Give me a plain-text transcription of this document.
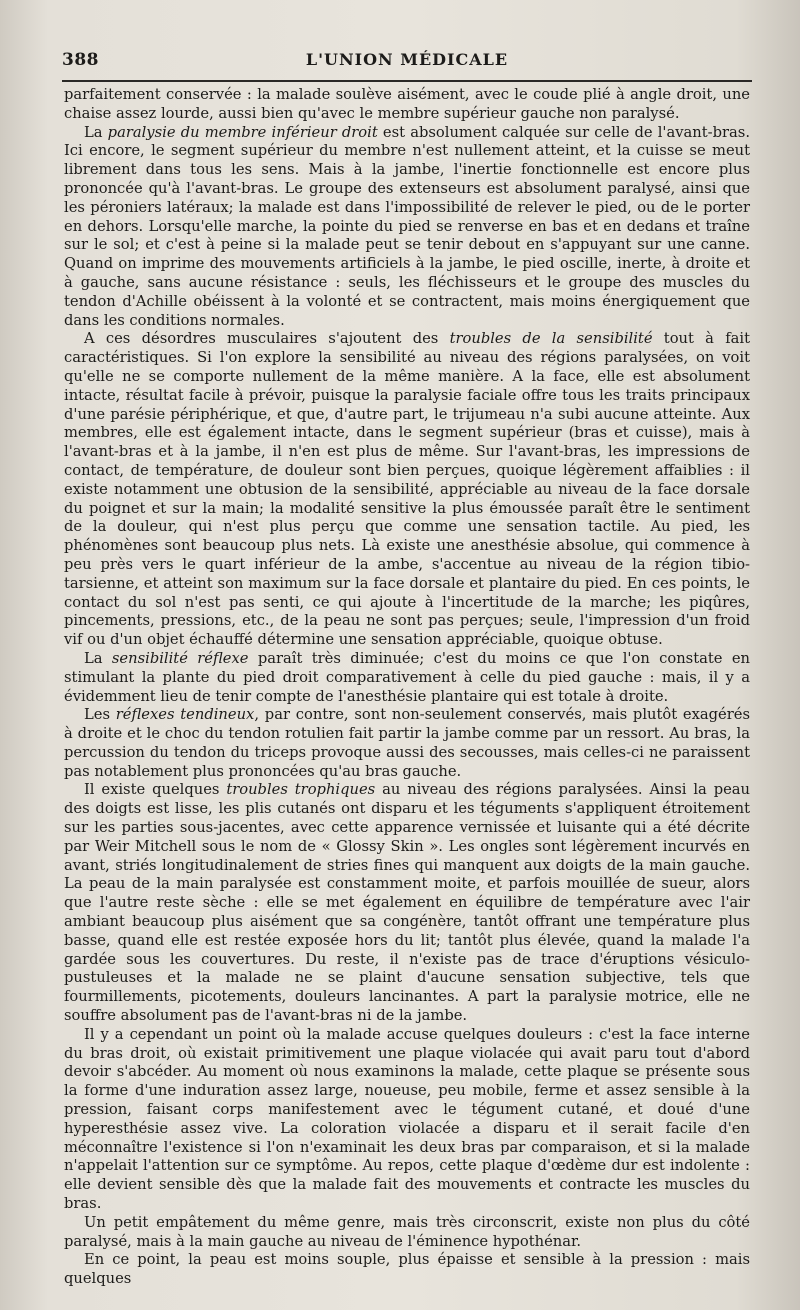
388	L'UNION MÉDICALE

parfaitement conservée : la malade soulève aisément, avec le coude plié à angle droit, une chaise assez lourde, aussi bien qu'avec le membre supérieur gauche non paralysé.

La paralysie du membre inférieur droit est absolument calquée sur celle de l'avant-bras. Ici encore, le segment supérieur du membre n'est nullement atteint, et la cuisse se meut librement dans tous les sens. Mais à la jambe, l'inertie fonctionnelle est encore plus prononcée qu'à l'avant-bras. Le groupe des extenseurs est absolument paralysé, ainsi que les péroniers latéraux; la malade est dans l'impossibilité de relever le pied, ou de le porter en dehors. Lorsqu'elle marche, la pointe du pied se renverse en bas et en dedans et traîne sur le sol; et c'est à peine si la malade peut se tenir debout en s'appuyant sur une canne. Quand on imprime des mouvements artificiels à la jambe, le pied oscille, inerte, à droite et à gauche, sans aucune résistance : seuls, les fléchisseurs et le groupe des muscles du tendon d'Achille obéissent à la volonté et se contractent, mais moins énergiquement que dans les conditions normales.

A ces désordres musculaires s'ajoutent des troubles de la sensibilité tout à fait caractéristiques. Si l'on explore la sensibilité au niveau des régions paralysées, on voit qu'elle ne se comporte nullement de la même manière. A la face, elle est absolument intacte, résultat facile à prévoir, puisque la paralysie faciale offre tous les traits principaux d'une parésie périphérique, et que, d'autre part, le trijumeau n'a subi aucune atteinte. Aux membres, elle est également intacte, dans le segment supérieur (bras et cuisse), mais à l'avant-bras et à la jambe, il n'en est plus de même. Sur l'avant-bras, les impressions de contact, de température, de douleur sont bien perçues, quoique légèrement affaiblies : il existe notamment une obtusion de la sensibilité, appréciable au niveau de la face dorsale du poignet et sur la main; la modalité sensitive la plus émoussée paraît être le sentiment de la douleur, qui n'est plus perçu que comme une sensation tactile. Au pied, les phénomènes sont beaucoup plus nets. Là existe une anesthésie absolue, qui commence à peu près vers le quart inférieur de la ambe, s'accentue au niveau de la région tibio-tarsienne, et atteint son maximum sur la face dorsale et plantaire du pied. En ces points, le contact du sol n'est pas senti, ce qui ajoute à l'incertitude de la marche; les piqûres, pincements, pressions, etc., de la peau ne sont pas perçues; seule, l'impression d'un froid vif ou d'un objet échauffé détermine une sensation appréciable, quoique obtuse.

La sensibilité réflexe paraît très diminuée; c'est du moins ce que l'on constate en stimulant la plante du pied droit comparativement à celle du pied gauche : mais, il y a évidemment lieu de tenir compte de l'anesthésie plantaire qui est totale à droite.

Les réflexes tendineux, par contre, sont non-seulement conservés, mais plutôt exagérés à droite et le choc du tendon rotulien fait partir la jambe comme par un ressort. Au bras, la percussion du tendon du triceps provoque aussi des secousses, mais celles-ci ne paraissent pas notablement plus prononcées qu'au bras gauche.

Il existe quelques troubles trophiques au niveau des régions paralysées. Ainsi la peau des doigts est lisse, les plis cutanés ont disparu et les téguments s'appliquent étroitement sur les parties sous-jacentes, avec cette apparence vernissée et luisante qui a été décrite par Weir Mitchell sous le nom de « Glossy Skin ». Les ongles sont légèrement incurvés en avant, striés longitudinalement de stries fines qui manquent aux doigts de la main gauche. La peau de la main paralysée est constamment moite, et parfois mouillée de sueur, alors que l'autre reste sèche : elle se met également en équilibre de température avec l'air ambiant beaucoup plus aisément que sa congénère, tantôt offrant une température plus basse, quand elle est restée exposée hors du lit; tantôt plus élevée, quand la malade l'a gardée sous les couvertures. Du reste, il n'existe pas de trace d'éruptions vésiculo-pustuleuses et la malade ne se plaint d'aucune sensation subjective, tels que fourmillements, picotements, douleurs lancinantes. A part la paralysie motrice, elle ne souffre absolument pas de l'avant-bras ni de la jambe.

Il y a cependant un point où la malade accuse quelques douleurs : c'est la face interne du bras droit, où existait primitivement une plaque violacée qui avait paru tout d'abord devoir s'abcéder. Au moment où nous examinons la malade, cette plaque se présente sous la forme d'une induration assez large, noueuse, peu mobile, ferme et assez sensible à la pression, faisant corps manifestement avec le tégument cutané, et doué d'une hyperesthésie assez vive. La coloration violacée a disparu et il serait facile d'en méconnaître l'existence si l'on n'examinait les deux bras par comparaison, et si la malade n'appelait l'attention sur ce symptôme. Au repos, cette plaque d'œdème dur est indolente : elle devient sensible dès que la malade fait des mouvements et contracte les muscles du bras.

Un petit empâtement du même genre, mais très circonscrit, existe non plus du côté paralysé, mais à la main gauche au niveau de l'éminence hypothénar.

En ce point, la peau est moins souple, plus épaisse et sensible à la pression : mais quelques
